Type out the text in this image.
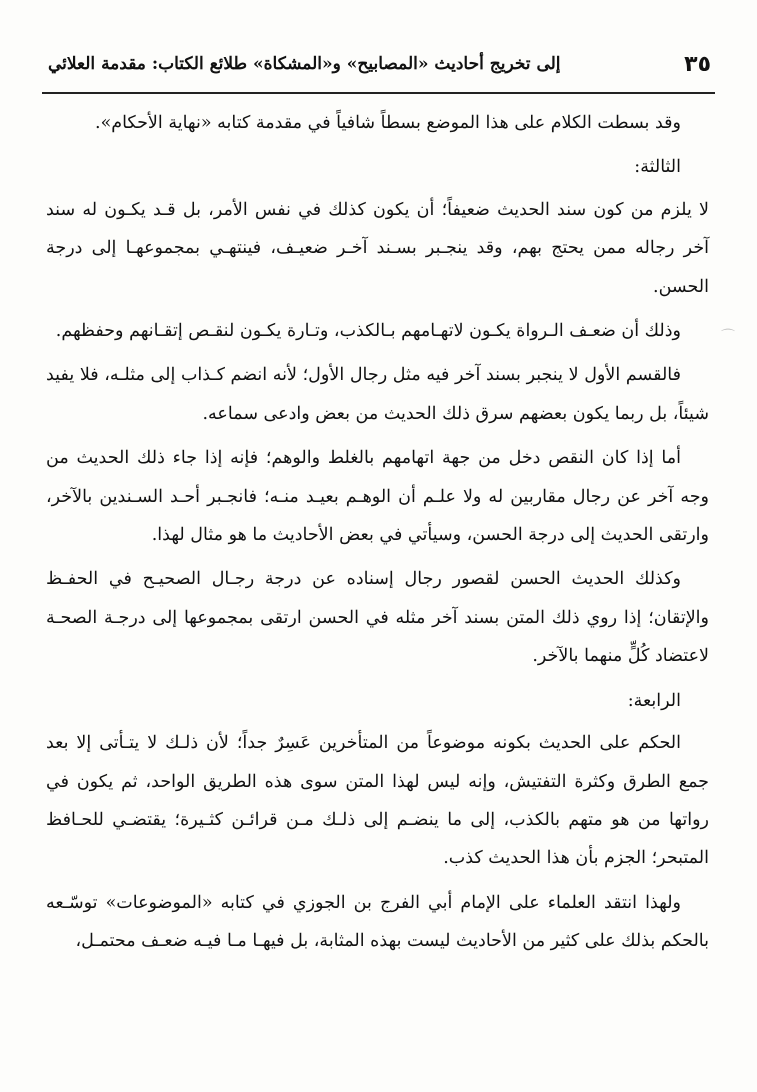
إلى تخريج أحاديث «المصابيح» و«المشكاة» طلائع الكتاب: مقدمة العلائي	٣٥
⌒

وقد بسطت الكلام على هذا الموضع بسطاً شافياً في مقدمة كتابه «نهاية الأحكام».

الثالثة:

لا يلزم من كون سند الحديث ضعيفاً؛ أن يكون كذلك في نفس الأمر، بل قـد يكـون له سند آخر رجاله ممن يحتج بهم، وقد ينجـبر بسـند آخـر ضعيـف، فينتهـي بمجموعهـا إلى درجة الحسن.

وذلك أن ضعـف الـرواة يكـون لاتهـامهم بـالكذب، وتـارة يكـون لنقـص إتقـانهم وحفظهم.

فالقسم الأول لا ينجبر بسند آخر فيه مثل رجال الأول؛ لأنه انضم كـذاب إلى مثلـه، فلا يفيد شيئاً، بل ربما يكون بعضهم سرق ذلك الحديث من بعض وادعى سماعه.

أما إذا كان النقص دخل من جهة اتهامهم بالغلط والوهم؛ فإنه إذا جاء ذلك الحديث من وجه آخر عن رجال مقاربين له ولا علـم أن الوهـم بعيـد منـه؛ فانجـبر أحـد السـندين بالآخر، وارتقى الحديث إلى درجة الحسن، وسيأتي في بعض الأحاديث ما هو مثال لهذا.

وكذلك الحديث الحسن لقصور رجال إسناده عن درجة رجـال الصحيـح في الحفـظ والإتقان؛ إذا روي ذلك المتن بسند آخر مثله في الحسن ارتقى بمجموعها إلى درجـة الصحـة لاعتضاد كُلٍّ منهما بالآخر.

الرابعة:

الحكم على الحديث بكونه موضوعاً من المتأخرين عَسِرٌ جداً؛ لأن ذلـك لا يتـأتى إلا بعد جمع الطرق وكثرة التفتيش، وإنه ليس لهذا المتن سوى هذه الطريق الواحد، ثم يكون في رواتها من هو متهم بالكذب، إلى ما ينضـم إلى ذلـك مـن قرائـن كثـيرة؛ يقتضـي للحـافظ المتبحر؛ الجزم بأن هذا الحديث كذب.

ولهذا انتقد العلماء على الإمام أبي الفرج بن الجوزي في كتابه «الموضوعات» توسّـعه بالحكم بذلك على كثير من الأحاديث ليست بهذه المثابة، بل فيهـا مـا فيـه ضعـف محتمـل،
